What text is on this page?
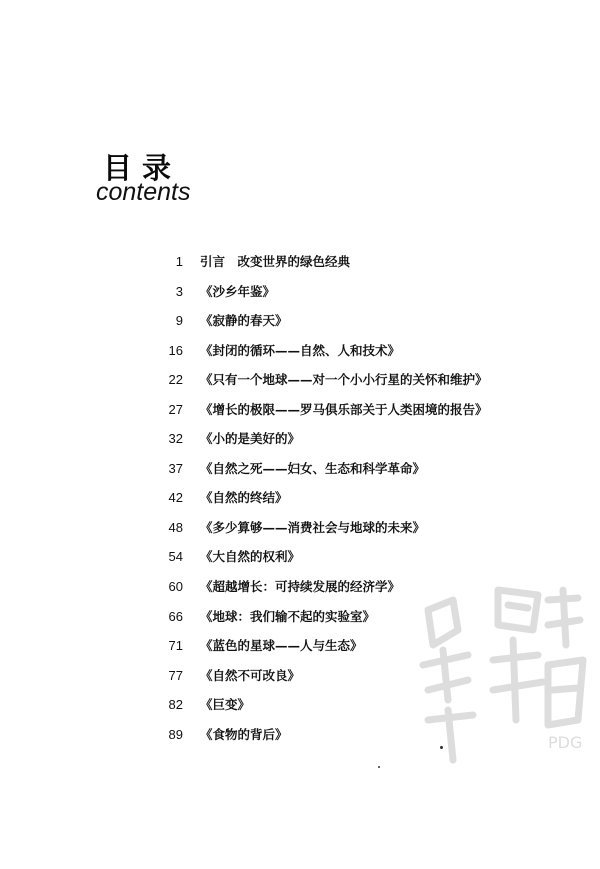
目录
contents
1 引言　改变世界的绿色经典
3 《沙乡年鉴》
9 《寂静的春天》
16 《封闭的循环——自然、人和技术》
22 《只有一个地球——对一个小小行星的关怀和维护》
27 《增长的极限——罗马俱乐部关于人类困境的报告》
32 《小的是美好的》
37 《自然之死——妇女、生态和科学革命》
42 《自然的终结》
48 《多少算够——消费社会与地球的未来》
54 《大自然的权利》
60 《超越增长：可持续发展的经济学》
66 《地球：我们输不起的实验室》
71 《蓝色的星球——人与生态》
77 《自然不可改良》
82 《巨变》
89 《食物的背后》	PDG
